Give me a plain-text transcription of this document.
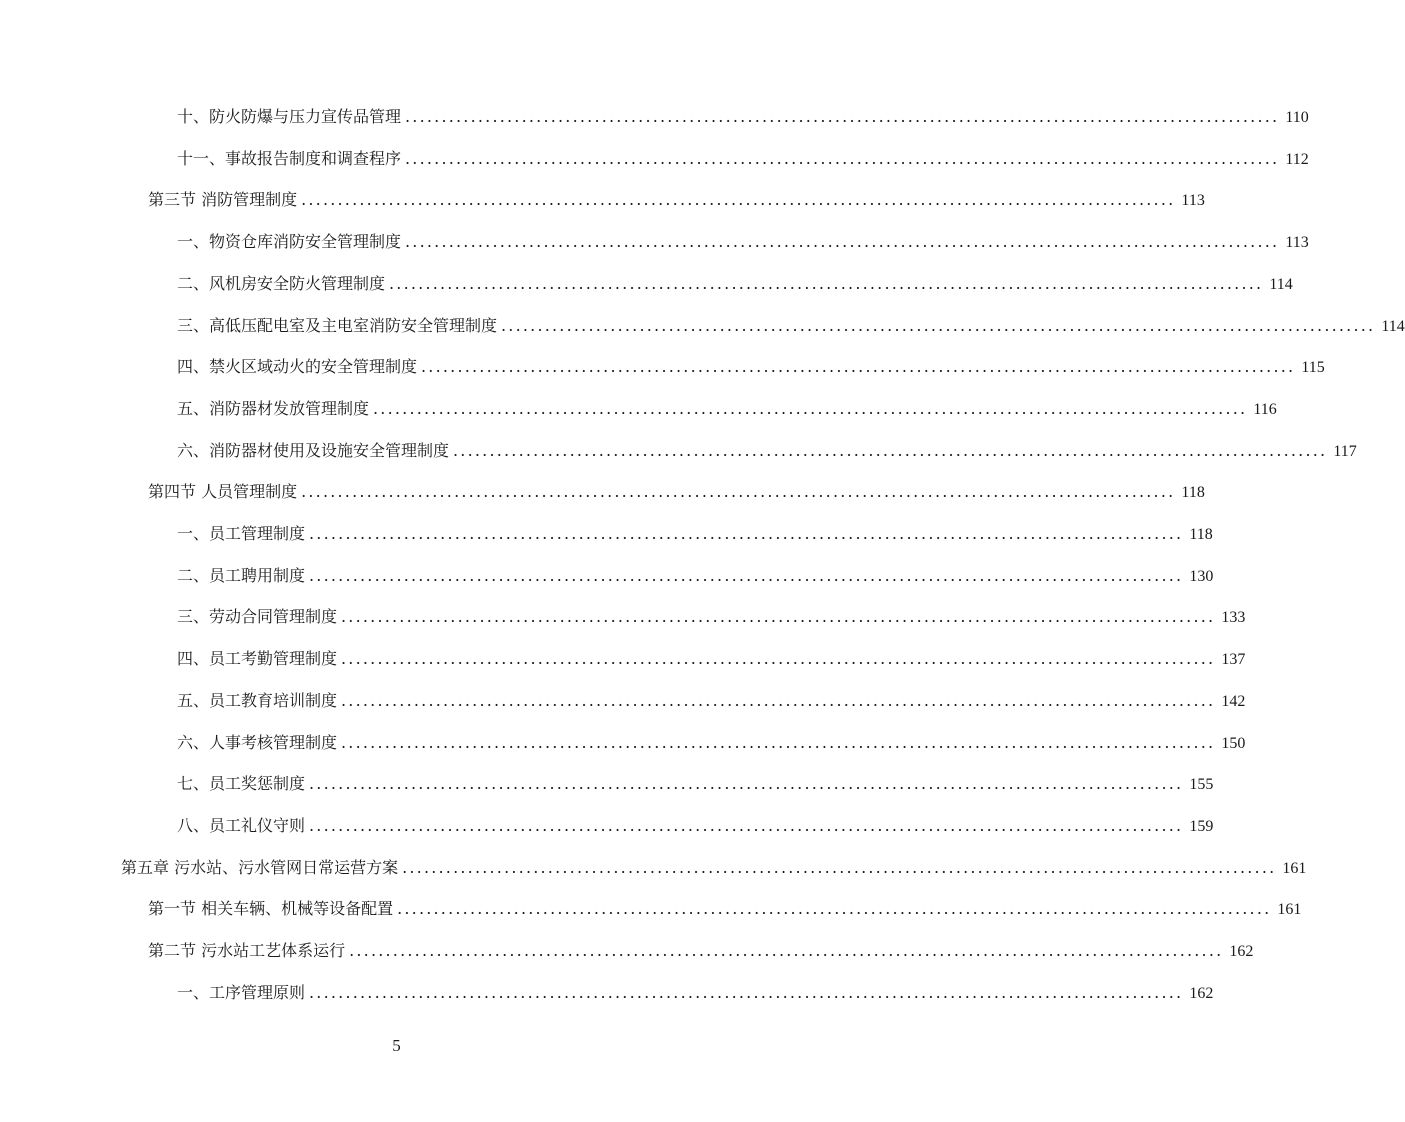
十、防火防爆与压力宣传品管理 ........................................................................................................................ 110
十一、事故报告制度和调查程序 ........................................................................................................................ 112
第三节 消防管理制度 ........................................................................................................................ 113
一、物资仓库消防安全管理制度 ........................................................................................................................ 113
二、风机房安全防火管理制度 ........................................................................................................................ 114
三、高低压配电室及主电室消防安全管理制度 ........................................................................................................................ 114
四、禁火区域动火的安全管理制度 ........................................................................................................................ 115
五、消防器材发放管理制度 ........................................................................................................................ 116
六、消防器材使用及设施安全管理制度 ........................................................................................................................ 117
第四节 人员管理制度 ........................................................................................................................ 118
一、员工管理制度 ........................................................................................................................ 118
二、员工聘用制度 ........................................................................................................................ 130
三、劳动合同管理制度 ........................................................................................................................ 133
四、员工考勤管理制度 ........................................................................................................................ 137
五、员工教育培训制度 ........................................................................................................................ 142
六、人事考核管理制度 ........................................................................................................................ 150
七、员工奖惩制度 ........................................................................................................................ 155
八、员工礼仪守则 ........................................................................................................................ 159
第五章 污水站、污水管网日常运营方案 ........................................................................................................................ 161
第一节 相关车辆、机械等设备配置 ........................................................................................................................ 161
第二节 污水站工艺体系运行 ........................................................................................................................ 162
一、工序管理原则 ........................................................................................................................ 162
5
